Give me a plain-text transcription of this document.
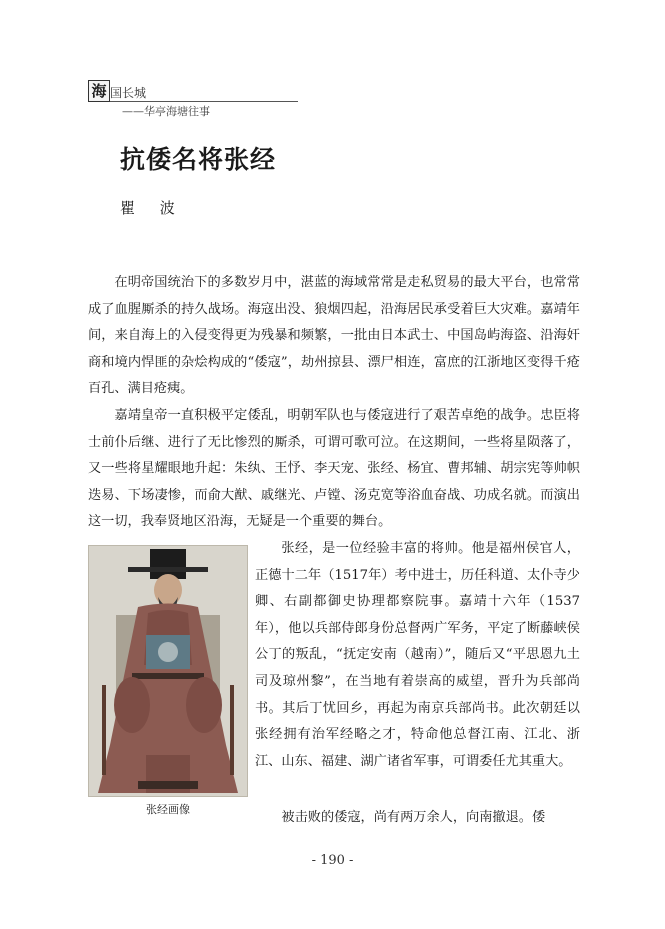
海 国长城
——华亭海塘往事
抗倭名将张经
瞿 波

在明帝国统治下的多数岁月中，湛蓝的海域常常是走私贸易的最大平台，也常常成了血腥厮杀的持久战场。海寇出没、狼烟四起，沿海居民承受着巨大灾难。嘉靖年间，来自海上的入侵变得更为残暴和频繁，一批由日本武士、中国岛屿海盗、沿海奸商和境内悍匪的杂烩构成的“倭寇”，劫州掠县、漂尸相连，富庶的江浙地区变得千疮百孔、满目疮痍。

嘉靖皇帝一直积极平定倭乱，明朝军队也与倭寇进行了艰苦卓绝的战争。忠臣将士前仆后继、进行了无比惨烈的厮杀，可谓可歌可泣。在这期间，一些将星陨落了，又一些将星耀眼地升起：朱纨、王忬、李天宠、张经、杨宜、曹邦辅、胡宗宪等帅帜迭易、下场凄惨，而俞大猷、戚继光、卢镗、汤克宽等浴血奋战、功成名就。而演出这一切，我奉贤地区沿海，无疑是一个重要的舞台。

张经画像

张经，是一位经验丰富的将帅。他是福州侯官人，正德十二年（1517年）考中进士，历任科道、太仆寺少卿、右副都御史协理都察院事。嘉靖十六年（1537年），他以兵部侍郎身份总督两广军务，平定了断藤峡侯公丁的叛乱，“抚定安南（越南）”，随后又“平思恩九土司及琼州黎”，在当地有着崇高的威望，晋升为兵部尚书。其后丁忧回乡，再起为南京兵部尚书。此次朝廷以张经拥有治军经略之才，特命他总督江南、江北、浙江、山东、福建、湖广诸省军事，可谓委任尤其重大。

被击败的倭寇，尚有两万余人，向南撤退。倭

- 190 -
